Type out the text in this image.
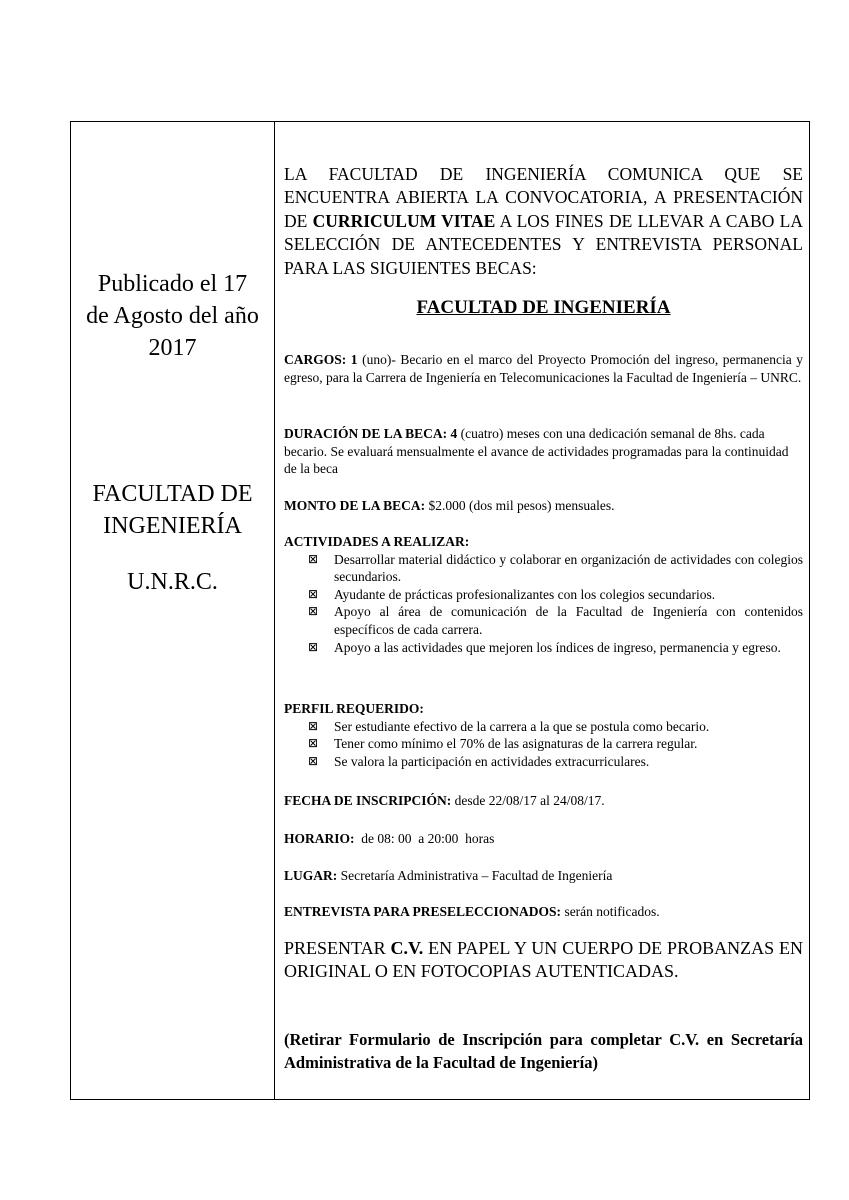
Publicado el 17
de Agosto del año
2017
FACULTAD DE
INGENIERÍA
U.N.R.C.

LA FACULTAD DE INGENIERÍA COMUNICA QUE SE ENCUENTRA ABIERTA LA CONVOCATORIA, A PRESENTACIÓN DE CURRICULUM VITAE A LOS FINES DE LLEVAR A CABO LA SELECCIÓN DE ANTECEDENTES Y ENTREVISTA PERSONAL PARA LAS SIGUIENTES BECAS:

FACULTAD DE INGENIERÍA

CARGOS: 1 (uno)- Becario en el marco del Proyecto Promoción del ingreso, permanencia y egreso, para la Carrera de Ingeniería en Telecomunicaciones la Facultad de Ingeniería – UNRC.

DURACIÓN DE LA BECA: 4 (cuatro) meses con una dedicación semanal de 8hs. cada becario. Se evaluará mensualmente el avance de actividades programadas para la continuidad de la beca

MONTO DE LA BECA: $2.000 (dos mil pesos) mensuales.

ACTIVIDADES A REALIZAR:

⊠ Desarrollar material didáctico y colaborar en organización de actividades con colegios secundarios.
⊠ Ayudante de prácticas profesionalizantes con los colegios secundarios.
⊠ Apoyo al área de comunicación de la Facultad de Ingeniería con contenidos específicos de cada carrera.
⊠ Apoyo a las actividades que mejoren los índices de ingreso, permanencia y egreso.

PERFIL REQUERIDO:

⊠ Ser estudiante efectivo de la carrera a la que se postula como becario.
⊠ Tener como mínimo el 70% de las asignaturas de la carrera regular.
⊠ Se valora la participación en actividades extracurriculares.

FECHA DE INSCRIPCIÓN: desde 22/08/17 al 24/08/17.

HORARIO:  de 08: 00  a 20:00  horas

LUGAR: Secretaría Administrativa – Facultad de Ingeniería

ENTREVISTA PARA PRESELECCIONADOS: serán notificados.

PRESENTAR C.V. EN PAPEL Y UN CUERPO DE PROBANZAS EN ORIGINAL O EN FOTOCOPIAS AUTENTICADAS.

(Retirar Formulario de Inscripción para completar C.V. en Secretaría Administrativa de la Facultad de Ingeniería)
